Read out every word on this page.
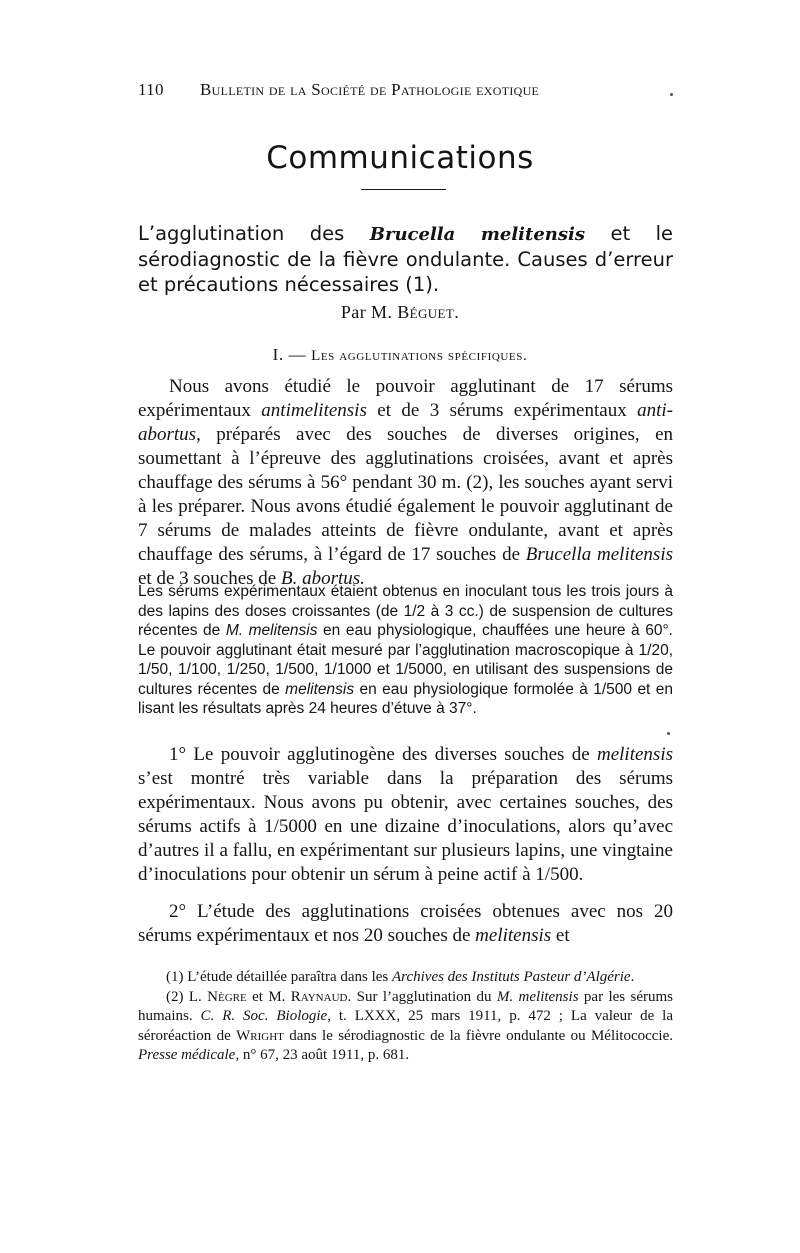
110 Bulletin de la Société de Pathologie exotique
Communications
L’agglutination des Brucella melitensis et le sérodiagnostic de la fièvre ondulante. Causes d’erreur et précautions nécessaires (1).
Par M. Béguet.
I. — Les agglutinations spécifiques.

Nous avons étudié le pouvoir agglutinant de 17 sérums expérimentaux antimelitensis et de 3 sérums expérimentaux anti-abortus, préparés avec des souches de diverses origines, en soumettant à l’épreuve des agglutinations croisées, avant et après chauffage des sérums à 56° pendant 30 m. (2), les souches ayant servi à les préparer. Nous avons étudié également le pouvoir agglutinant de 7 sérums de malades atteints de fièvre ondulante, avant et après chauffage des sérums, à l’égard de 17 souches de Brucella melitensis et de 3 souches de B. abortus.

Les sérums expérimentaux étaient obtenus en inoculant tous les trois jours à des lapins des doses croissantes (de 1/2 à 3 cc.) de suspension de cultures récentes de M. melitensis en eau physiologique, chauffées une heure à 60°. Le pouvoir agglutinant était mesuré par l’agglutination macroscopique à 1/20, 1/50, 1/100, 1/250, 1/500, 1/1000 et 1/5000, en utilisant des suspensions de cultures récentes de melitensis en eau physiologique formolée à 1/500 et en lisant les résultats après 24 heures d’étuve à 37°.

1° Le pouvoir agglutinogène des diverses souches de melitensis s’est montré très variable dans la préparation des sérums expérimentaux. Nous avons pu obtenir, avec certaines souches, des sérums actifs à 1/5000 en une dizaine d’inoculations, alors qu’avec d’autres il a fallu, en expérimentant sur plusieurs lapins, une vingtaine d’inoculations pour obtenir un sérum à peine actif à 1/500.

2° L’étude des agglutinations croisées obtenues avec nos 20 sérums expérimentaux et nos 20 souches de melitensis et

(1) L’étude détaillée paraîtra dans les Archives des Instituts Pasteur d’Algérie.

(2) L. Nègre et M. Raynaud. Sur l’agglutination du M. melitensis par les sérums humains. C. R. Soc. Biologie, t. LXXX, 25 mars 1911, p. 472 ; La valeur de la séroréaction de Wright dans le sérodiagnostic de la fièvre ondulante ou Mélitococcie. Presse médicale, n° 67, 23 août 1911, p. 681.
